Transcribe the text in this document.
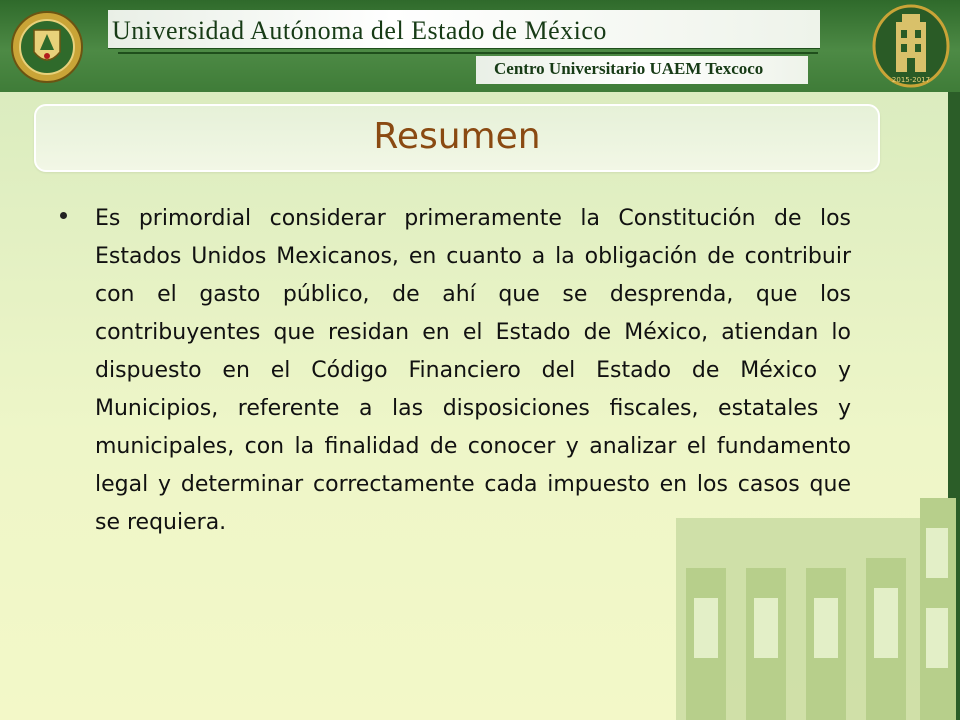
Universidad Autónoma del Estado de México
Centro Universitario UAEM Texcoco
2015-2017
Resumen
Es primordial considerar primeramente la Constitución de los Estados Unidos Mexicanos, en cuanto a la obligación de contribuir con el gasto público, de ahí que se desprenda, que los contribuyentes que residan en el Estado de México, atiendan lo dispuesto en el Código Financiero del Estado de México y Municipios, referente a las disposiciones fiscales, estatales y municipales, con la finalidad de conocer y analizar el fundamento legal y determinar correctamente cada impuesto en los casos que se requiera.
